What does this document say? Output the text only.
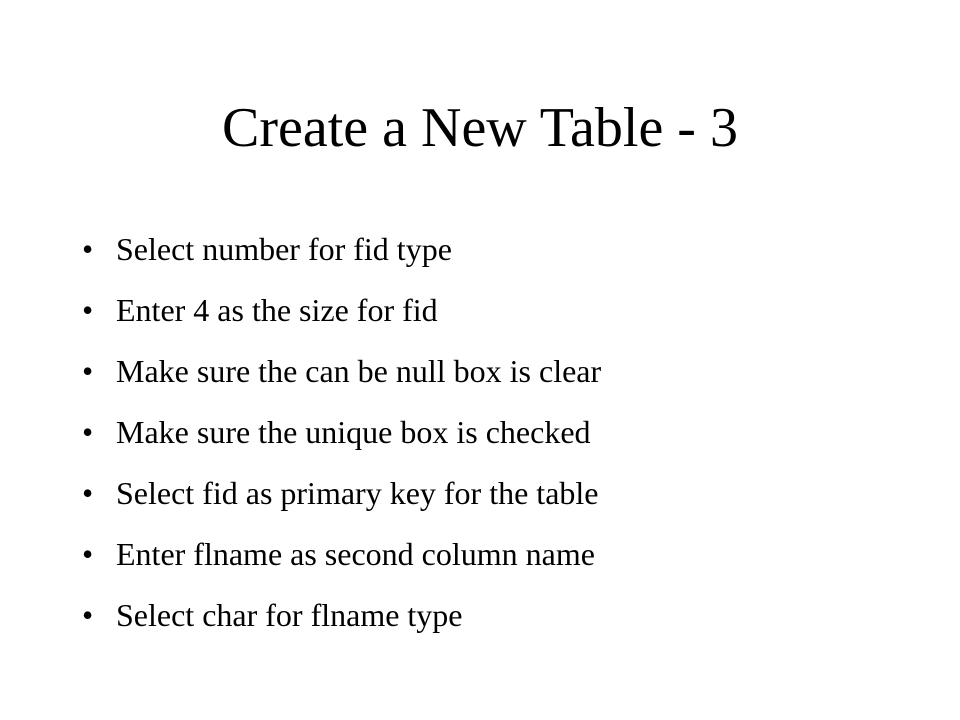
Create a New Table - 3
• Select number for fid type
• Enter 4 as the size for fid
• Make sure the can be null box is clear
• Make sure the unique box is checked
• Select fid as primary key for the table
• Enter flname as second column name
• Select char for flname type
